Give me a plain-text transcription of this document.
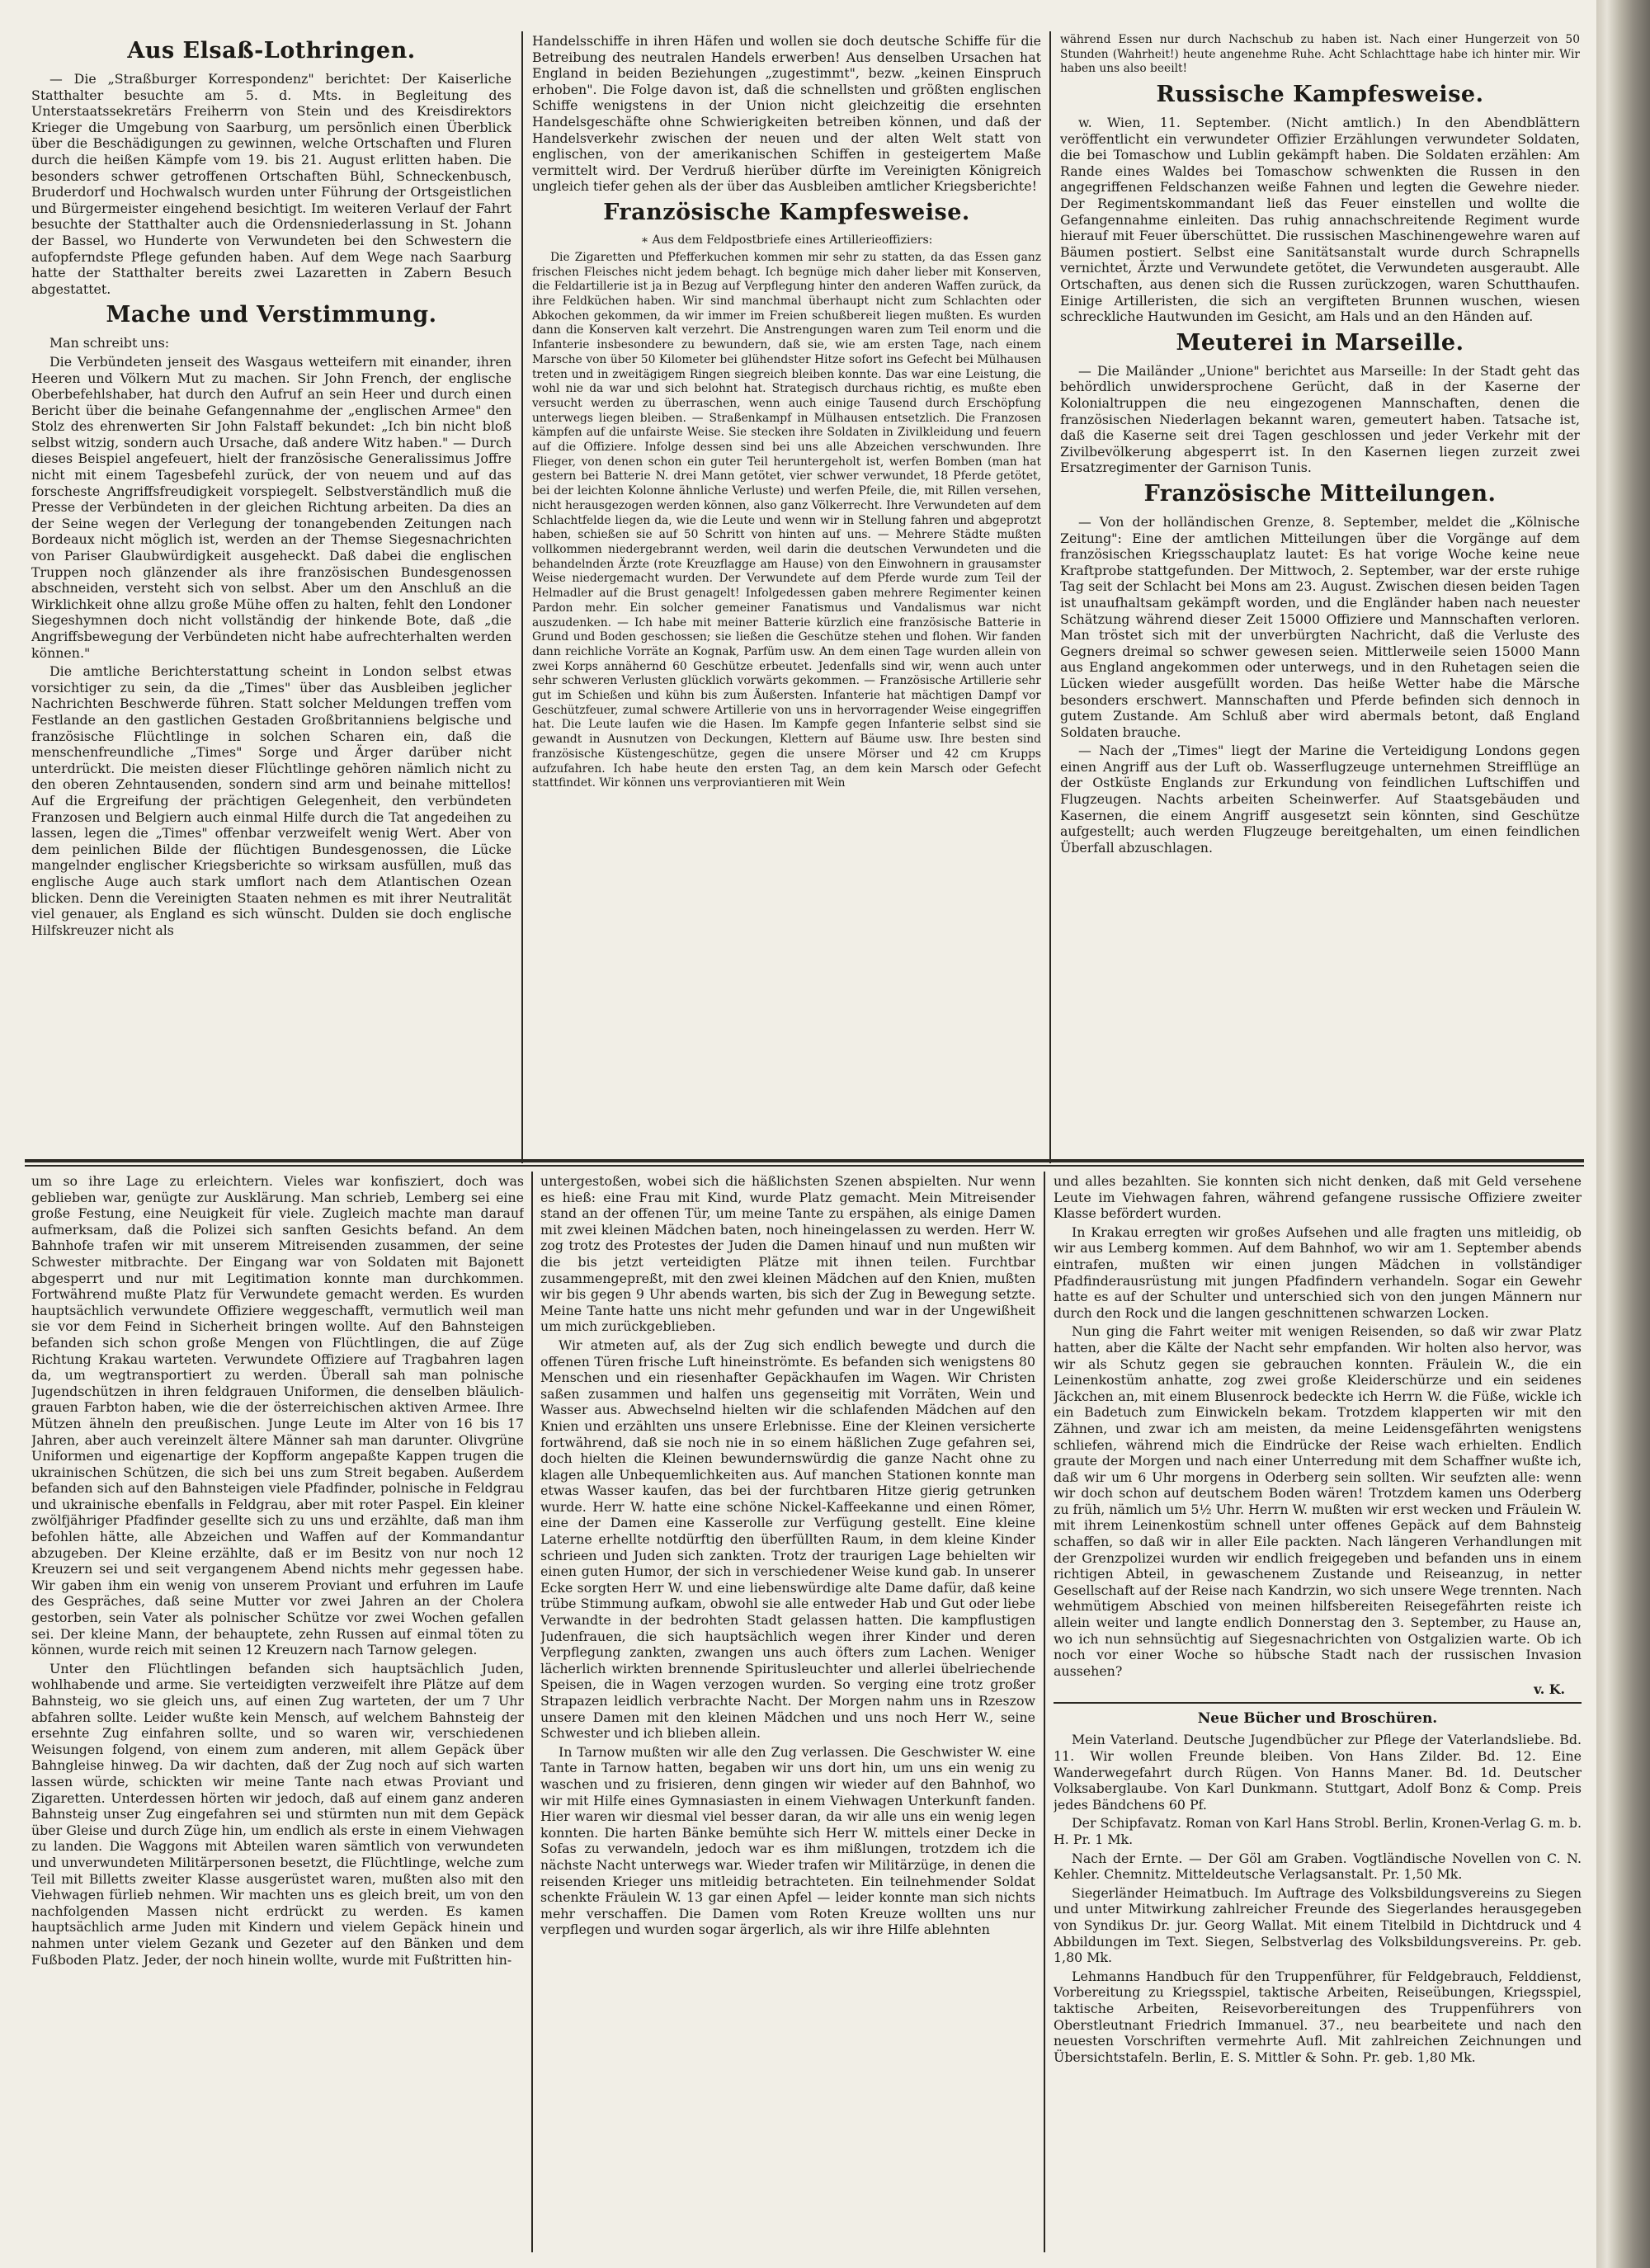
Aus Elsaß-Lothringen.

— Die „Straßburger Korrespondenz" berichtet: Der Kaiserliche Statthalter besuchte am 5. d. Mts. in Begleitung des Unterstaatssekretärs Freiherrn von Stein und des Kreisdirektors Krieger die Umgebung von Saarburg, um persönlich einen Überblick über die Beschädigungen zu gewinnen, welche Ortschaften und Fluren durch die heißen Kämpfe vom 19. bis 21. August erlitten haben. Die besonders schwer getroffenen Ortschaften Bühl, Schneckenbusch, Bruderdorf und Hochwalsch wurden unter Führung der Ortsgeistlichen und Bürgermeister eingehend besichtigt. Im weiteren Verlauf der Fahrt besuchte der Statthalter auch die Ordensniederlassung in St. Johann der Bassel, wo Hunderte von Verwundeten bei den Schwestern die aufopferndste Pflege gefunden haben. Auf dem Wege nach Saarburg hatte der Statthalter bereits zwei Lazaretten in Zabern Besuch abgestattet.

Mache und Verstimmung.

Man schreibt uns:

Die Verbündeten jenseit des Wasgaus wetteifern mit einander, ihren Heeren und Völkern Mut zu machen. Sir John French, der englische Oberbefehlshaber, hat durch den Aufruf an sein Heer und durch einen Bericht über die beinahe Gefangennahme der „englischen Armee" den Stolz des ehrenwerten Sir John Falstaff bekundet: „Ich bin nicht bloß selbst witzig, sondern auch Ursache, daß andere Witz haben." — Durch dieses Beispiel angefeuert, hielt der französische Generalissimus Joffre nicht mit einem Tagesbefehl zurück, der von neuem und auf das forscheste Angriffsfreudigkeit vorspiegelt. Selbstverständlich muß die Presse der Verbündeten in der gleichen Richtung arbeiten. Da dies an der Seine wegen der Verlegung der tonangebenden Zeitungen nach Bordeaux nicht möglich ist, werden an der Themse Siegesnachrichten von Pariser Glaubwürdigkeit ausgeheckt. Daß dabei die englischen Truppen noch glänzender als ihre französischen Bundesgenossen abschneiden, versteht sich von selbst. Aber um den Anschluß an die Wirklichkeit ohne allzu große Mühe offen zu halten, fehlt den Londoner Siegeshymnen doch nicht vollständig der hinkende Bote, daß „die Angriffsbewegung der Verbündeten nicht habe aufrechterhalten werden können."

Die amtliche Berichterstattung scheint in London selbst etwas vorsichtiger zu sein, da die „Times" über das Ausbleiben jeglicher Nachrichten Beschwerde führen. Statt solcher Meldungen treffen vom Festlande an den gastlichen Gestaden Großbritanniens belgische und französische Flüchtlinge in solchen Scharen ein, daß die menschenfreundliche „Times" Sorge und Ärger darüber nicht unterdrückt. Die meisten dieser Flüchtlinge gehören nämlich nicht zu den oberen Zehntausenden, sondern sind arm und beinahe mittellos! Auf die Ergreifung der prächtigen Gelegenheit, den verbündeten Franzosen und Belgiern auch einmal Hilfe durch die Tat angedeihen zu lassen, legen die „Times" offenbar verzweifelt wenig Wert. Aber von dem peinlichen Bilde der flüchtigen Bundesgenossen, die Lücke mangelnder englischer Kriegsberichte so wirksam ausfüllen, muß das englische Auge auch stark umflort nach dem Atlantischen Ozean blicken. Denn die Vereinigten Staaten nehmen es mit ihrer Neutralität viel genauer, als England es sich wünscht. Dulden sie doch englische Hilfskreuzer nicht als

Handelsschiffe in ihren Häfen und wollen sie doch deutsche Schiffe für die Betreibung des neutralen Handels erwerben! Aus denselben Ursachen hat England in beiden Beziehungen „zugestimmt", bezw. „keinen Einspruch erhoben". Die Folge davon ist, daß die schnellsten und größten englischen Schiffe wenigstens in der Union nicht gleichzeitig die ersehnten Handelsgeschäfte ohne Schwierigkeiten betreiben können, und daß der Handelsverkehr zwischen der neuen und der alten Welt statt von englischen, von der amerikanischen Schiffen in gesteigertem Maße vermittelt wird. Der Verdruß hierüber dürfte im Vereinigten Königreich ungleich tiefer gehen als der über das Ausbleiben amtlicher Kriegsberichte!

Französische Kampfesweise.
∗ Aus dem Feldpostbriefe eines Artillerieoffiziers:

Die Zigaretten und Pfefferkuchen kommen mir sehr zu statten, da das Essen ganz frischen Fleisches nicht jedem behagt. Ich begnüge mich daher lieber mit Konserven, die Feldartillerie ist ja in Bezug auf Verpflegung hinter den anderen Waffen zurück, da ihre Feldküchen haben. Wir sind manchmal überhaupt nicht zum Schlachten oder Abkochen gekommen, da wir immer im Freien schußbereit liegen mußten. Es wurden dann die Konserven kalt verzehrt. Die Anstrengungen waren zum Teil enorm und die Infanterie insbesondere zu bewundern, daß sie, wie am ersten Tage, nach einem Marsche von über 50 Kilometer bei glühendster Hitze sofort ins Gefecht bei Mülhausen treten und in zweitägigem Ringen siegreich bleiben konnte. Das war eine Leistung, die wohl nie da war und sich belohnt hat. Strategisch durchaus richtig, es mußte eben versucht werden zu überraschen, wenn auch einige Tausend durch Erschöpfung unterwegs liegen bleiben. — Straßenkampf in Mülhausen entsetzlich. Die Franzosen kämpfen auf die unfairste Weise. Sie stecken ihre Soldaten in Zivilkleidung und feuern auf die Offiziere. Infolge dessen sind bei uns alle Abzeichen verschwunden. Ihre Flieger, von denen schon ein guter Teil heruntergeholt ist, werfen Bomben (man hat gestern bei Batterie N. drei Mann getötet, vier schwer verwundet, 18 Pferde getötet, bei der leichten Kolonne ähnliche Verluste) und werfen Pfeile, die, mit Rillen versehen, nicht herausgezogen werden können, also ganz Völkerrecht. Ihre Verwundeten auf dem Schlachtfelde liegen da, wie die Leute und wenn wir in Stellung fahren und abgeprotzt haben, schießen sie auf 50 Schritt von hinten auf uns. — Mehrere Städte mußten vollkommen niedergebrannt werden, weil darin die deutschen Verwundeten und die behandelnden Ärzte (rote Kreuzflagge am Hause) von den Einwohnern in grausamster Weise niedergemacht wurden. Der Verwundete auf dem Pferde wurde zum Teil der Helmadler auf die Brust genagelt! Infolgedessen gaben mehrere Regimenter keinen Pardon mehr. Ein solcher gemeiner Fanatismus und Vandalismus war nicht auszudenken. — Ich habe mit meiner Batterie kürzlich eine französische Batterie in Grund und Boden geschossen; sie ließen die Geschütze stehen und flohen. Wir fanden dann reichliche Vorräte an Kognak, Parfüm usw. An dem einen Tage wurden allein von zwei Korps annähernd 60 Geschütze erbeutet. Jedenfalls sind wir, wenn auch unter sehr schweren Verlusten glücklich vorwärts gekommen. — Französische Artillerie sehr gut im Schießen und kühn bis zum Äußersten. Infanterie hat mächtigen Dampf vor Geschützfeuer, zumal schwere Artillerie von uns in hervorragender Weise eingegriffen hat. Die Leute laufen wie die Hasen. Im Kampfe gegen Infanterie selbst sind sie gewandt in Ausnutzen von Deckungen, Klettern auf Bäume usw. Ihre besten sind französische Küstengeschütze, gegen die unsere Mörser und 42 cm Krupps aufzufahren. Ich habe heute den ersten Tag, an dem kein Marsch oder Gefecht stattfindet. Wir können uns verproviantieren mit Wein

während Essen nur durch Nachschub zu haben ist. Nach einer Hungerzeit von 50 Stunden (Wahrheit!) heute angenehme Ruhe. Acht Schlachttage habe ich hinter mir. Wir haben uns also beeilt!

Russische Kampfesweise.

w. Wien, 11. September. (Nicht amtlich.) In den Abendblättern veröffentlicht ein verwundeter Offizier Erzählungen verwundeter Soldaten, die bei Tomaschow und Lublin gekämpft haben. Die Soldaten erzählen: Am Rande eines Waldes bei Tomaschow schwenkten die Russen in den angegriffenen Feldschanzen weiße Fahnen und legten die Gewehre nieder. Der Regimentskommandant ließ das Feuer einstellen und wollte die Gefangennahme einleiten. Das ruhig annachschreitende Regiment wurde hierauf mit Feuer überschüttet. Die russischen Maschinengewehre waren auf Bäumen postiert. Selbst eine Sanitätsanstalt wurde durch Schrapnells vernichtet, Ärzte und Verwundete getötet, die Verwundeten ausgeraubt. Alle Ortschaften, aus denen sich die Russen zurückzogen, waren Schutthaufen. Einige Artilleristen, die sich an vergifteten Brunnen wuschen, wiesen schreckliche Hautwunden im Gesicht, am Hals und an den Händen auf.

Meuterei in Marseille.

— Die Mailänder „Unione" berichtet aus Marseille: In der Stadt geht das behördlich unwidersprochene Gerücht, daß in der Kaserne der Kolonialtruppen die neu eingezogenen Mannschaften, denen die französischen Niederlagen bekannt waren, gemeutert haben. Tatsache ist, daß die Kaserne seit drei Tagen geschlossen und jeder Verkehr mit der Zivilbevölkerung abgesperrt ist. In den Kasernen liegen zurzeit zwei Ersatzregimenter der Garnison Tunis.

Französische Mitteilungen.

— Von der holländischen Grenze, 8. September, meldet die „Kölnische Zeitung": Eine der amtlichen Mitteilungen über die Vorgänge auf dem französischen Kriegsschauplatz lautet: Es hat vorige Woche keine neue Kraftprobe stattgefunden. Der Mittwoch, 2. September, war der erste ruhige Tag seit der Schlacht bei Mons am 23. August. Zwischen diesen beiden Tagen ist unaufhaltsam gekämpft worden, und die Engländer haben nach neuester Schätzung während dieser Zeit 15000 Offiziere und Mannschaften verloren. Man tröstet sich mit der unverbürgten Nachricht, daß die Verluste des Gegners dreimal so schwer gewesen seien. Mittlerweile seien 15000 Mann aus England angekommen oder unterwegs, und in den Ruhetagen seien die Lücken wieder ausgefüllt worden. Das heiße Wetter habe die Märsche besonders erschwert. Mannschaften und Pferde befinden sich dennoch in gutem Zustande. Am Schluß aber wird abermals betont, daß England Soldaten brauche.

— Nach der „Times" liegt der Marine die Verteidigung Londons gegen einen Angriff aus der Luft ob. Wasserflugzeuge unternehmen Streifflüge an der Ostküste Englands zur Erkundung von feindlichen Luftschiffen und Flugzeugen. Nachts arbeiten Scheinwerfer. Auf Staatsgebäuden und Kasernen, die einem Angriff ausgesetzt sein könnten, sind Geschütze aufgestellt; auch werden Flugzeuge bereitgehalten, um einen feindlichen Überfall abzuschlagen.

um so ihre Lage zu erleichtern. Vieles war konfisziert, doch was geblieben war, genügte zur Ausklärung. Man schrieb, Lemberg sei eine große Festung, eine Neuigkeit für viele. Zugleich machte man darauf aufmerksam, daß die Polizei sich sanften Gesichts befand. An dem Bahnhofe trafen wir mit unserem Mitreisenden zusammen, der seine Schwester mitbrachte. Der Eingang war von Soldaten mit Bajonett abgesperrt und nur mit Legitimation konnte man durchkommen. Fortwährend mußte Platz für Verwundete gemacht werden. Es wurden hauptsächlich verwundete Offiziere weggeschafft, vermutlich weil man sie vor dem Feind in Sicherheit bringen wollte. Auf den Bahnsteigen befanden sich schon große Mengen von Flüchtlingen, die auf Züge Richtung Krakau warteten. Verwundete Offiziere auf Tragbahren lagen da, um wegtransportiert zu werden. Überall sah man polnische Jugendschützen in ihren feldgrauen Uniformen, die denselben bläulich-grauen Farbton haben, wie die der österreichischen aktiven Armee. Ihre Mützen ähneln den preußischen. Junge Leute im Alter von 16 bis 17 Jahren, aber auch vereinzelt ältere Männer sah man darunter. Olivgrüne Uniformen und eigenartige der Kopfform angepaßte Kappen trugen die ukrainischen Schützen, die sich bei uns zum Streit begaben. Außerdem befanden sich auf den Bahnsteigen viele Pfadfinder, polnische in Feldgrau und ukrainische ebenfalls in Feldgrau, aber mit roter Paspel. Ein kleiner zwölfjähriger Pfadfinder gesellte sich zu uns und erzählte, daß man ihm befohlen hätte, alle Abzeichen und Waffen auf der Kommandantur abzugeben. Der Kleine erzählte, daß er im Besitz von nur noch 12 Kreuzern sei und seit vergangenem Abend nichts mehr gegessen habe. Wir gaben ihm ein wenig von unserem Proviant und erfuhren im Laufe des Gespräches, daß seine Mutter vor zwei Jahren an der Cholera gestorben, sein Vater als polnischer Schütze vor zwei Wochen gefallen sei. Der kleine Mann, der behauptete, zehn Russen auf einmal töten zu können, wurde reich mit seinen 12 Kreuzern nach Tarnow gelegen.

Unter den Flüchtlingen befanden sich hauptsächlich Juden, wohlhabende und arme. Sie verteidigten verzweifelt ihre Plätze auf dem Bahnsteig, wo sie gleich uns, auf einen Zug warteten, der um 7 Uhr abfahren sollte. Leider wußte kein Mensch, auf welchem Bahnsteig der ersehnte Zug einfahren sollte, und so waren wir, verschiedenen Weisungen folgend, von einem zum anderen, mit allem Gepäck über Bahngleise hinweg. Da wir dachten, daß der Zug noch auf sich warten lassen würde, schickten wir meine Tante nach etwas Proviant und Zigaretten. Unterdessen hörten wir jedoch, daß auf einem ganz anderen Bahnsteig unser Zug eingefahren sei und stürmten nun mit dem Gepäck über Gleise und durch Züge hin, um endlich als erste in einem Viehwagen zu landen. Die Waggons mit Abteilen waren sämtlich von verwundeten und unverwundeten Militärpersonen besetzt, die Flüchtlinge, welche zum Teil mit Billetts zweiter Klasse ausgerüstet waren, mußten also mit den Viehwagen fürlieb nehmen. Wir machten uns es gleich breit, um von den nachfolgenden Massen nicht erdrückt zu werden. Es kamen hauptsächlich arme Juden mit Kindern und vielem Gepäck hinein und nahmen unter vielem Gezank und Gezeter auf den Bänken und dem Fußboden Platz. Jeder, der noch hinein wollte, wurde mit Fußtritten hin-

untergestoßen, wobei sich die häßlichsten Szenen abspielten. Nur wenn es hieß: eine Frau mit Kind, wurde Platz gemacht. Mein Mitreisender stand an der offenen Tür, um meine Tante zu erspähen, als einige Damen mit zwei kleinen Mädchen baten, noch hineingelassen zu werden. Herr W. zog trotz des Protestes der Juden die Damen hinauf und nun mußten wir die bis jetzt verteidigten Plätze mit ihnen teilen. Furchtbar zusammengepreßt, mit den zwei kleinen Mädchen auf den Knien, mußten wir bis gegen 9 Uhr abends warten, bis sich der Zug in Bewegung setzte. Meine Tante hatte uns nicht mehr gefunden und war in der Ungewißheit um mich zurückgeblieben.

Wir atmeten auf, als der Zug sich endlich bewegte und durch die offenen Türen frische Luft hineinströmte. Es befanden sich wenigstens 80 Menschen und ein riesenhafter Gepäckhaufen im Wagen. Wir Christen saßen zusammen und halfen uns gegenseitig mit Vorräten, Wein und Wasser aus. Abwechselnd hielten wir die schlafenden Mädchen auf den Knien und erzählten uns unsere Erlebnisse. Eine der Kleinen versicherte fortwährend, daß sie noch nie in so einem häßlichen Zuge gefahren sei, doch hielten die Kleinen bewundernswürdig die ganze Nacht ohne zu klagen alle Unbequemlichkeiten aus. Auf manchen Stationen konnte man etwas Wasser kaufen, das bei der furchtbaren Hitze gierig getrunken wurde. Herr W. hatte eine schöne Nickel-Kaffeekanne und einen Römer, eine der Damen eine Kasserolle zur Verfügung gestellt. Eine kleine Laterne erhellte notdürftig den überfüllten Raum, in dem kleine Kinder schrieen und Juden sich zankten. Trotz der traurigen Lage behielten wir einen guten Humor, der sich in verschiedener Weise kund gab. In unserer Ecke sorgten Herr W. und eine liebenswürdige alte Dame dafür, daß keine trübe Stimmung aufkam, obwohl sie alle entweder Hab und Gut oder liebe Verwandte in der bedrohten Stadt gelassen hatten. Die kampflustigen Judenfrauen, die sich hauptsächlich wegen ihrer Kinder und deren Verpflegung zankten, zwangen uns auch öfters zum Lachen. Weniger lächerlich wirkten brennende Spiritusleuchter und allerlei übelriechende Speisen, die in Wagen verzogen wurden. So verging eine trotz großer Strapazen leidlich verbrachte Nacht. Der Morgen nahm uns in Rzeszow unsere Damen mit den kleinen Mädchen und uns noch Herr W., seine Schwester und ich blieben allein.

In Tarnow mußten wir alle den Zug verlassen. Die Geschwister W. eine Tante in Tarnow hatten, begaben wir uns dort hin, um uns ein wenig zu waschen und zu frisieren, denn gingen wir wieder auf den Bahnhof, wo wir mit Hilfe eines Gymnasiasten in einem Viehwagen Unterkunft fanden. Hier waren wir diesmal viel besser daran, da wir alle uns ein wenig legen konnten. Die harten Bänke bemühte sich Herr W. mittels einer Decke in Sofas zu verwandeln, jedoch war es ihm mißlungen, trotzdem ich die nächste Nacht unterwegs war. Wieder trafen wir Militärzüge, in denen die reisenden Krieger uns mitleidig betrachteten. Ein teilnehmender Soldat schenkte Fräulein W. 13 gar einen Apfel — leider konnte man sich nichts mehr verschaffen. Die Damen vom Roten Kreuze wollten uns nur verpflegen und wurden sogar ärgerlich, als wir ihre Hilfe ablehnten

und alles bezahlten. Sie konnten sich nicht denken, daß mit Geld versehene Leute im Viehwagen fahren, während gefangene russische Offiziere zweiter Klasse befördert wurden.

In Krakau erregten wir großes Aufsehen und alle fragten uns mitleidig, ob wir aus Lemberg kommen. Auf dem Bahnhof, wo wir am 1. September abends eintrafen, mußten wir einen jungen Mädchen in vollständiger Pfadfinderausrüstung mit jungen Pfadfindern verhandeln. Sogar ein Gewehr hatte es auf der Schulter und unterschied sich von den jungen Männern nur durch den Rock und die langen geschnittenen schwarzen Locken.

Nun ging die Fahrt weiter mit wenigen Reisenden, so daß wir zwar Platz hatten, aber die Kälte der Nacht sehr empfanden. Wir holten also hervor, was wir als Schutz gegen sie gebrauchen konnten. Fräulein W., die ein Leinenkostüm anhatte, zog zwei große Kleiderschürze und ein seidenes Jäckchen an, mit einem Blusenrock bedeckte ich Herrn W. die Füße, wickle ich ein Badetuch zum Einwickeln bekam. Trotzdem klapperten wir mit den Zähnen, und zwar ich am meisten, da meine Leidensgefährten wenigstens schliefen, während mich die Eindrücke der Reise wach erhielten. Endlich graute der Morgen und nach einer Unterredung mit dem Schaffner wußte ich, daß wir um 6 Uhr morgens in Oderberg sein sollten. Wir seufzten alle: wenn wir doch schon auf deutschem Boden wären! Trotzdem kamen uns Oderberg zu früh, nämlich um 5½ Uhr. Herrn W. mußten wir erst wecken und Fräulein W. mit ihrem Leinenkostüm schnell unter offenes Gepäck auf dem Bahnsteig schaffen, so daß wir in aller Eile packten. Nach längeren Verhandlungen mit der Grenzpolizei wurden wir endlich freigegeben und befanden uns in einem richtigen Abteil, in gewaschenem Zustande und Reiseanzug, in netter Gesellschaft auf der Reise nach Kandrzin, wo sich unsere Wege trennten. Nach wehmütigem Abschied von meinen hilfsbereiten Reisegefährten reiste ich allein weiter und langte endlich Donnerstag den 3. September, zu Hause an, wo ich nun sehnsüchtig auf Siegesnachrichten von Ostgalizien warte. Ob ich noch vor einer Woche so hübsche Stadt nach der russischen Invasion aussehen?

v. K.
Neue Bücher und Broschüren.

Mein Vaterland. Deutsche Jugendbücher zur Pflege der Vaterlandsliebe. Bd. 11. Wir wollen Freunde bleiben. Von Hans Zilder. Bd. 12. Eine Wanderwegefahrt durch Rügen. Von Hanns Maner. Bd. 1d. Deutscher Volksaberglaube. Von Karl Dunkmann. Stuttgart, Adolf Bonz & Comp. Preis jedes Bändchens 60 Pf.

Der Schipfavatz. Roman von Karl Hans Strobl. Berlin, Kronen-Verlag G. m. b. H. Pr. 1 Mk.

Nach der Ernte. — Der Göl am Graben. Vogtländische Novellen von C. N. Kehler. Chemnitz. Mitteldeutsche Verlagsanstalt. Pr. 1,50 Mk.

Siegerländer Heimatbuch. Im Auftrage des Volksbildungsvereins zu Siegen und unter Mitwirkung zahlreicher Freunde des Siegerlandes herausgegeben von Syndikus Dr. jur. Georg Wallat. Mit einem Titelbild in Dichtdruck und 4 Abbildungen im Text. Siegen, Selbstverlag des Volksbildungsvereins. Pr. geb. 1,80 Mk.

Lehmanns Handbuch für den Truppenführer, für Feldgebrauch, Felddienst, Vorbereitung zu Kriegsspiel, taktische Arbeiten, Reiseübungen, Kriegsspiel, taktische Arbeiten, Reisevorbereitungen des Truppenführers von Oberstleutnant Friedrich Immanuel. 37., neu bearbeitete und nach den neuesten Vorschriften vermehrte Aufl. Mit zahlreichen Zeichnungen und Übersichtstafeln. Berlin, E. S. Mittler & Sohn. Pr. geb. 1,80 Mk.
